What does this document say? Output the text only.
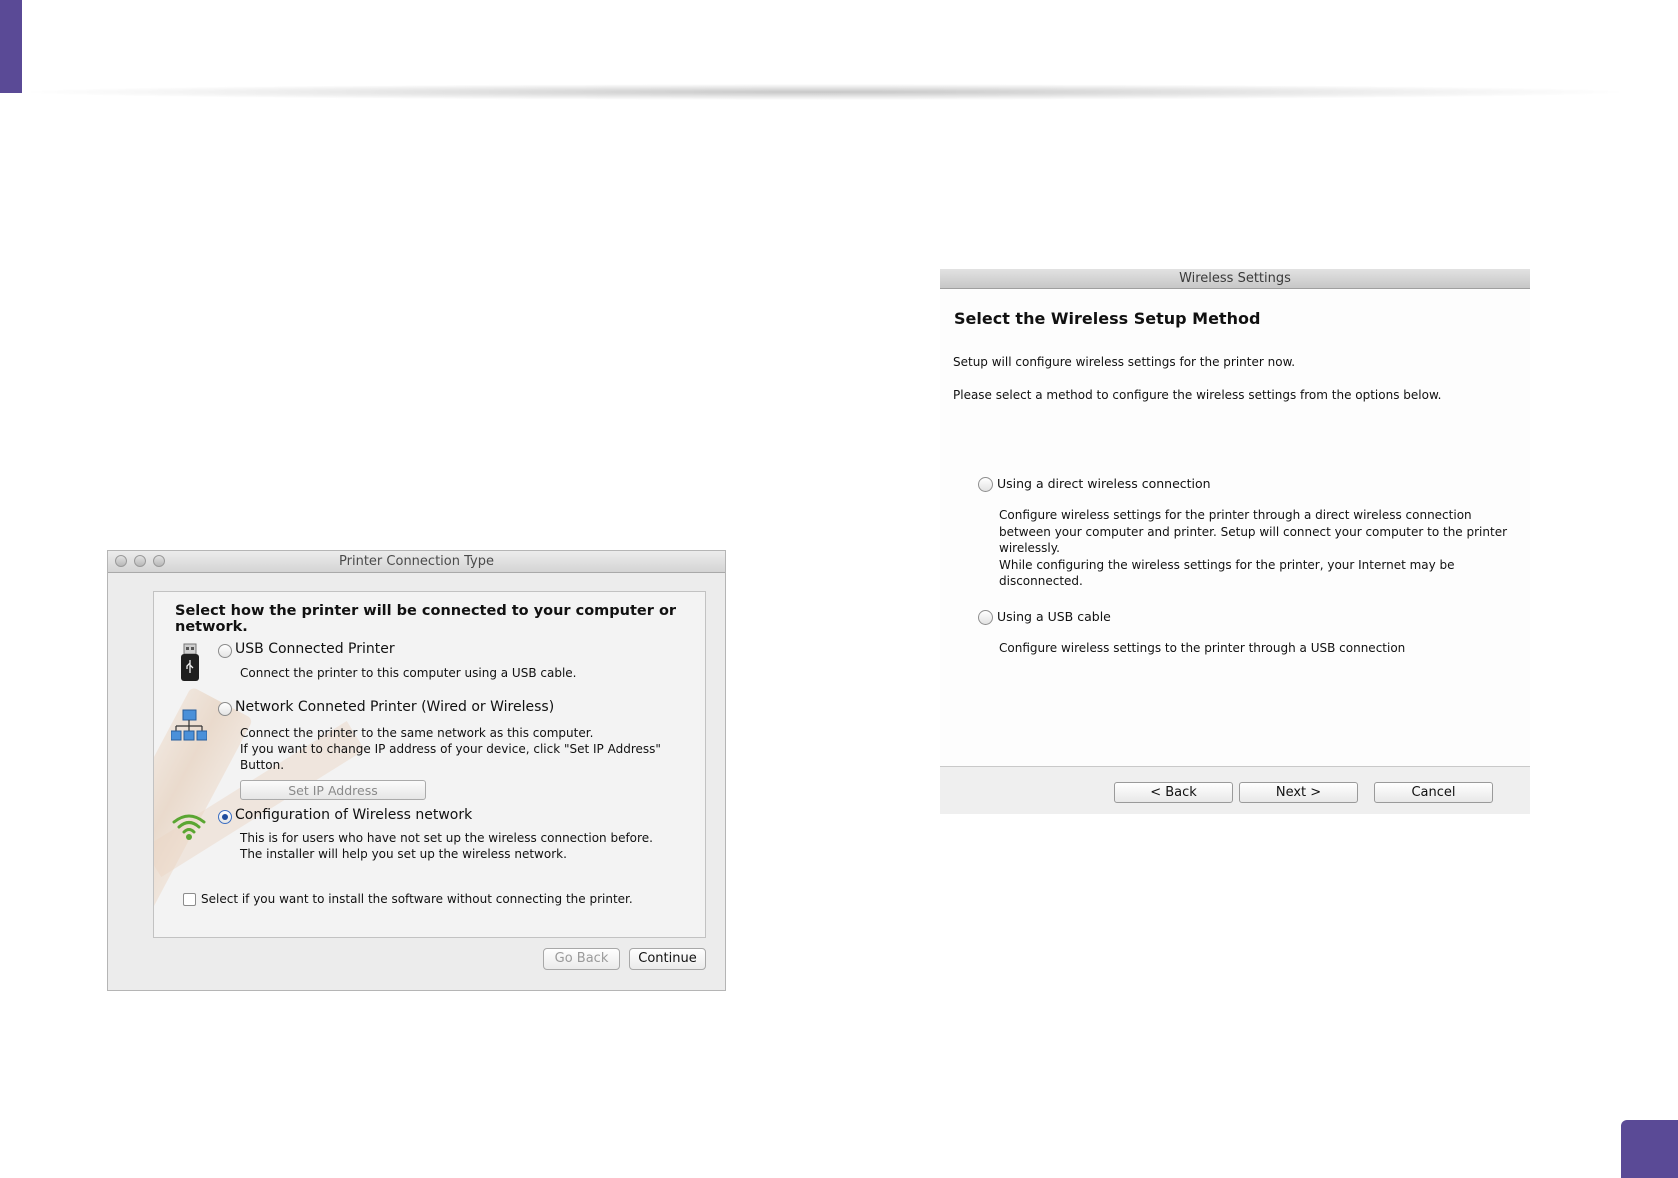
Printer Connection Type
Select how the printer will be connected to your computer or network.
USB Connected Printer
Connect the printer to this computer using a USB cable.
Network Conneted Printer (Wired or Wireless)
Connect the printer to the same network as this computer.
If you want to change IP address of your device, click "Set IP Address"
Button.
Set IP Address
Configuration of Wireless network
This is for users who have not set up the wireless connection before.
The installer will help you set up the wireless network.
Select if you want to install the software without connecting the printer.
Go Back	Continue
Wireless Settings
Select the Wireless Setup Method
Setup will configure wireless settings for the printer now.
Please select a method to configure the wireless settings from the options below.
Using a direct wireless connection
Configure wireless settings for the printer through a direct wireless connection
between your computer and printer. Setup will connect your computer to the printer
wirelessly.
While configuring the wireless settings for the printer, your Internet may be
disconnected.
Using a USB cable
Configure wireless settings to the printer through a USB connection
< Back	Next >	Cancel
